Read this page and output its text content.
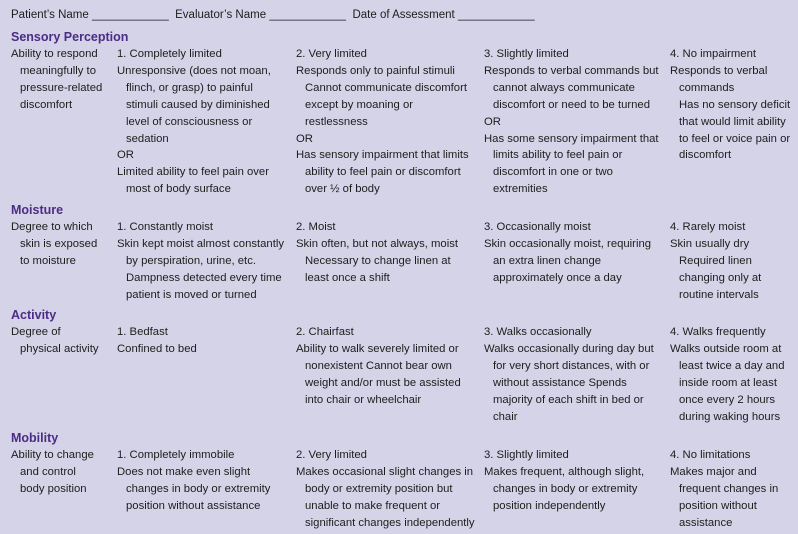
Patient’s Name ____________ Evaluator’s Name ____________ Date of Assessment ____________
Sensory Perception
Ability to respond
meaningfully to
pressure-related
discomfort
1. Completely limited
Unresponsive (does not moan,
flinch, or grasp) to painful
stimuli caused by diminished
level of consciousness or
sedation
OR
Limited ability to feel pain over
most of body surface
2. Very limited
Responds only to painful stimuli
Cannot communicate discomfort
except by moaning or
restlessness
OR
Has sensory impairment that limits
ability to feel pain or discomfort
over ½ of body
3. Slightly limited
Responds to verbal commands but
cannot always communicate
discomfort or need to be turned
OR
Has some sensory impairment that
limits ability to feel pain or
discomfort in one or two
extremities
4. No impairment
Responds to verbal
commands
Has no sensory deficit
that would limit ability
to feel or voice pain or
discomfort
Moisture
Degree to which
skin is exposed
to moisture
1. Constantly moist
Skin kept moist almost constantly
by perspiration, urine, etc.
Dampness detected every time
patient is moved or turned
2. Moist
Skin often, but not always, moist
Necessary to change linen at
least once a shift
3. Occasionally moist
Skin occasionally moist, requiring
an extra linen change
approximately once a day
4. Rarely moist
Skin usually dry
Required linen
changing only at
routine intervals
Activity
Degree of
physical activity
1. Bedfast
Confined to bed
2. Chairfast
Ability to walk severely limited or
nonexistent Cannot bear own
weight and/or must be assisted
into chair or wheelchair
3. Walks occasionally
Walks occasionally during day but
for very short distances, with or
without assistance Spends
majority of each shift in bed or
chair
4. Walks frequently
Walks outside room at
least twice a day and
inside room at least
once every 2 hours
during waking hours
Mobility
Ability to change
and control
body position
1. Completely immobile
Does not make even slight
changes in body or extremity
position without assistance
2. Very limited
Makes occasional slight changes in
body or extremity position but
unable to make frequent or
significant changes independently
3. Slightly limited
Makes frequent, although slight,
changes in body or extremity
position independently
4. No limitations
Makes major and
frequent changes in
position without
assistance
